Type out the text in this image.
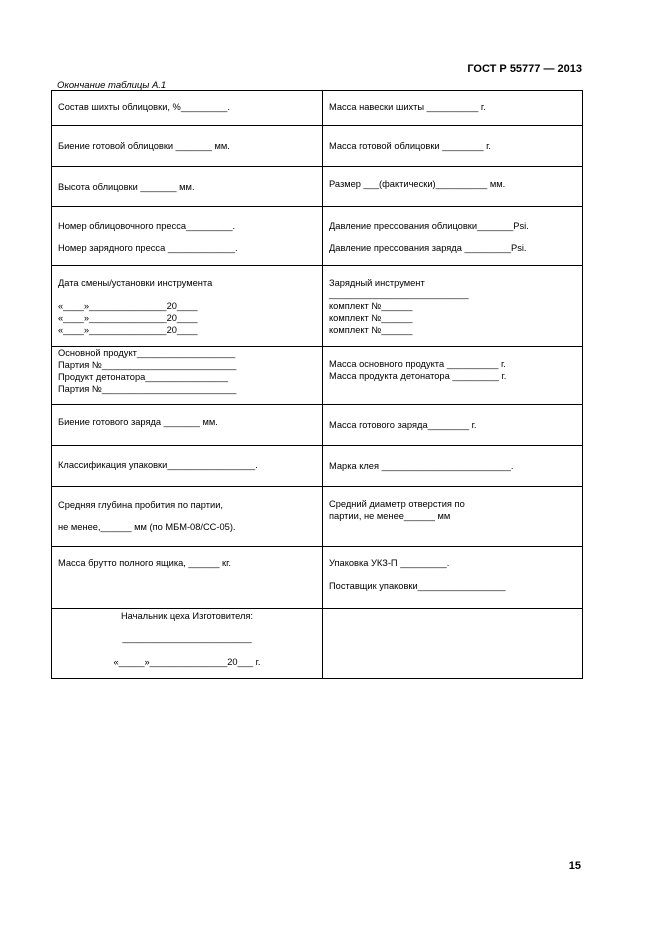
ГОСТ Р 55777 — 2013
Окончание таблицы А.1
Состав шихты облицовки, %_________.
Биение готовой облицовки _______ мм.
Высота облицовки _______ мм.
Номер облицовочного пресса_________.
Номер зарядного пресса _____________.
Дата смены/установки инструмента
«____»_______________20____
«____»_______________20____
«____»_______________20____
Основной продукт___________________
Партия №__________________________
Продукт детонатора________________
Партия №__________________________
Биение готового заряда _______ мм.
Классификация упаковки_________________.
Средняя глубина пробития по партии,
не менее,______ мм (по МБМ-08/СС-05).
Масса брутто полного ящика, ______ кг.
Начальник цеха Изготовителя:
_________________________
«_____»_______________20___ г.
Масса навески шихты __________ г.
Масса готовой облицовки ________ г.
Размер ___(фактически)__________ мм.
Давление прессования облицовки_______Psi.
Давление прессования заряда _________Psi.
Зарядный инструмент
___________________________
комплект №______
комплект №______
комплект №______
Масса основного продукта __________ г.
Масса продукта детонатора _________ г.
Масса готового заряда________ г.
Марка клея _________________________.
Средний диаметр отверстия по
партии, не менее______ мм
Упаковка УКЗ-П _________.
Поставщик упаковки_________________
15
